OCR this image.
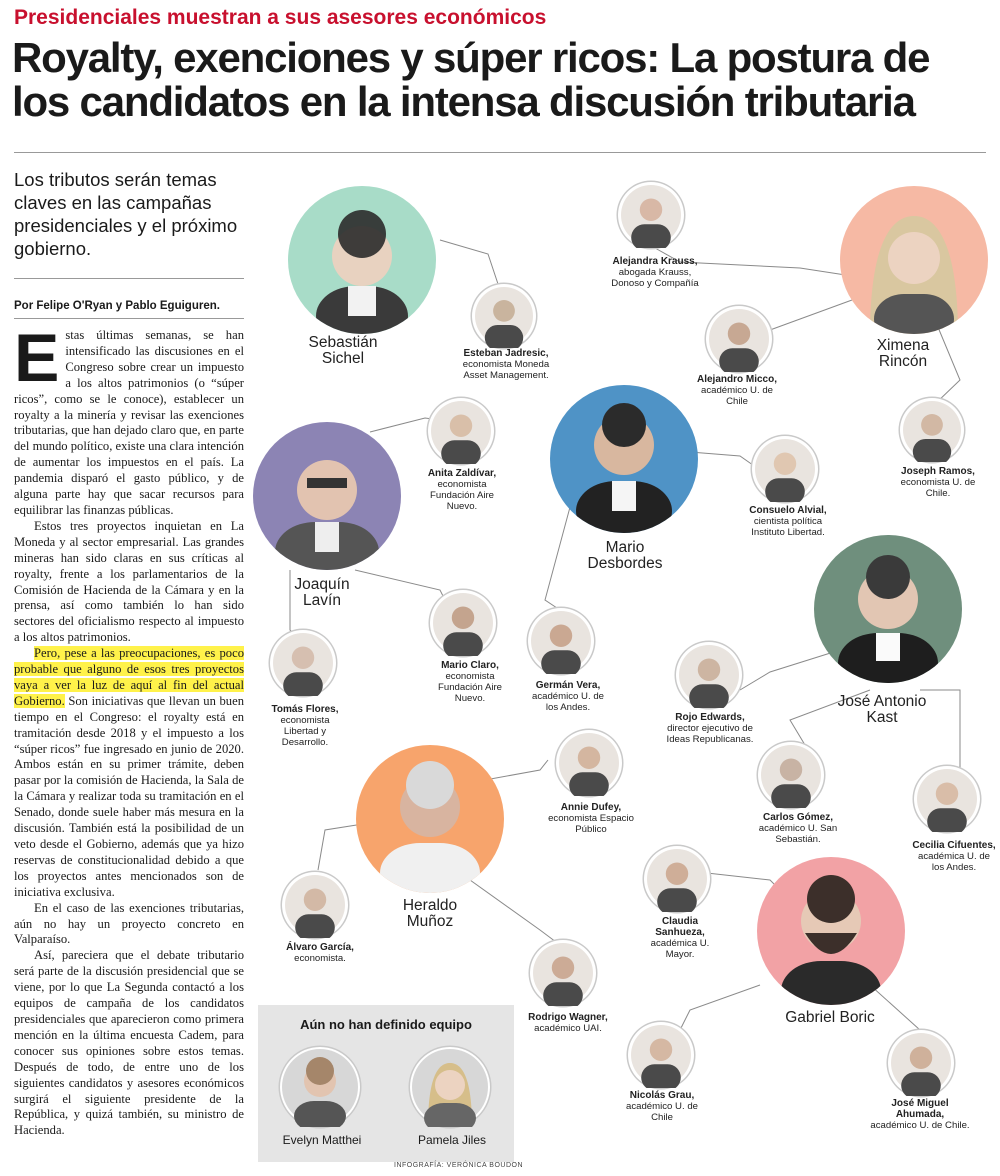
Presidenciales muestran a sus asesores económicos
Royalty, exenciones y súper ricos: La postura de los candidatos en la intensa discusión tributaria
Los tributos serán temas claves en las campañas presidenciales y el próximo gobierno.
Por Felipe O'Ryan y Pablo Eguiguren.

Estas últimas semanas, se han intensificado las discusiones en el Congreso sobre crear un impuesto a los altos patrimonios (o “súper ricos”, como se le conoce), establecer un royalty a la minería y revisar las exenciones tributarias, que han dejado claro que, en parte del mundo político, existe una clara intención de aumentar los impuestos en el país. La pandemia disparó el gasto público, y de alguna parte hay que sacar recursos para equilibrar las finanzas públicas.

Estos tres proyectos inquietan en La Moneda y al sector empresarial. Las grandes mineras han sido claras en sus críticas al royalty, frente a los parlamentarios de la Comisión de Hacienda de la Cámara y en la prensa, así como también lo han sido sectores del oficialismo respecto al impuesto a los altos patrimonios.

Pero, pese a las preocupaciones, es poco probable que alguno de esos tres proyectos vaya a ver la luz de aquí al fin del actual Gobierno. Son iniciativas que llevan un buen tiempo en el Congreso: el royalty está en tramitación desde 2018 y el impuesto a los “súper ricos” fue ingresado en junio de 2020. Ambos están en su primer trámite, deben pasar por la comisión de Hacienda, la Sala de la Cámara y realizar toda su tramitación en el Senado, donde suele haber más mesura en la discusión. También está la posibilidad de un veto desde el Gobierno, además que ya hizo reservas de constitucionalidad debido a que los proyectos antes mencionados son de iniciativa exclusiva.

En el caso de las exenciones tributarias, aún no hay un proyecto concreto en Valparaíso.

Así, pareciera que el debate tributario será parte de la discusión presidencial que se viene, por lo que La Segunda contactó a los equipos de campaña de los candidatos presidenciales que aparecieron como primera mención en la última encuesta Cadem, para conocer sus opiniones sobre estos temas. Después de todo, de entre uno de los siguientes candidatos y asesores económicos surgirá el siguiente presidente de la República, y quizá también, su ministro de Hacienda.

Sebastián
Sichel
Ximena
Rincón
Mario
Desbordes
Joaquín
Lavín
José Antonio
Kast
Heraldo
Muñoz
Gabriel Boric
Esteban Jadresic,
economista Moneda Asset Management.
Alejandra Krauss,
abogada Krauss, Donoso y Compañía
Alejandro Micco,
académico U. de Chile
Joseph Ramos,
economista U. de Chile.
Anita Zaldívar,
economista Fundación Aire Nuevo.	Consuelo Alvial,
cientista política Instituto Libertad.
Mario Claro,
economista Fundación Aire Nuevo.
Germán Vera,
académico U. de los Andes.
Tomás Flores,
economista Libertad y Desarrollo.
Rojo Edwards,
director ejecutivo de Ideas Republicanas.
Annie Dufey,
economista Espacio Público
Carlos Gómez,
académico U. San Sebastián.
Cecilia Cifuentes,
académica U. de los Andes.
Claudia Sanhueza,
académica U. Mayor.
Álvaro García,
economista.
Rodrigo Wagner,
académico UAI.
Nicolás Grau,
académico U. de Chile
José Miguel Ahumada,
académico U. de Chile.
Aún no han definido equipo
Evelyn Matthei	Pamela Jiles
INFOGRAFÍA: VERÓNICA BOUDON
